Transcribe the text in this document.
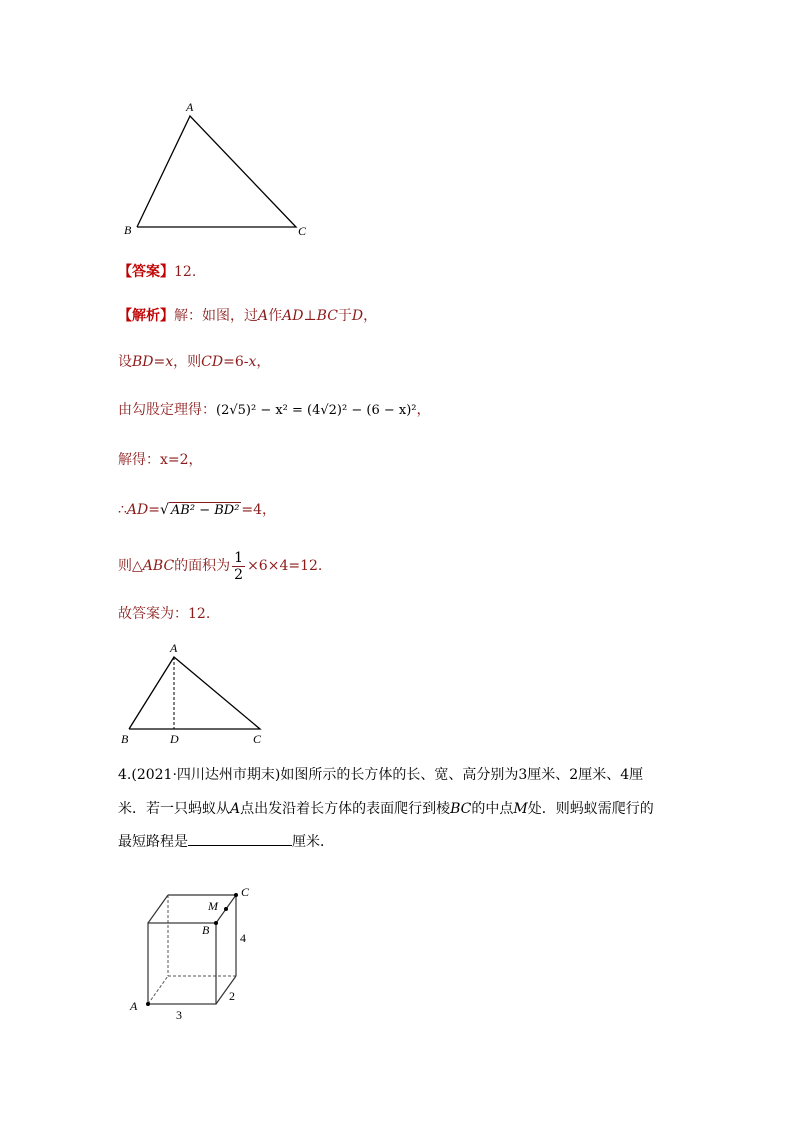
A
B	C
【答案】12.
【解析】解：如图，过A作AD⊥BC于D，
设BD=x，则CD=6-x，
由勾股定理得：(2√5)² − x² = (4√2)² − (6 − x)²，
解得：x=2，
∴AD=√ AB² − BD² =4，
则△ABC的面积为 $\frac{1}{2} \times 6\times 4=12$.
故答案为：12.
A
B	D	C
4.(2021·四川达州市期末)如图所示的长方体的长、宽、高分别为3厘米、2厘米、4厘
米．若一只蚂蚁从A点出发沿着长方体的表面爬行到棱BC的中点M处．则蚂蚁需爬行的
最短路程是	厘米．
A
B
C
M
3
2
4
